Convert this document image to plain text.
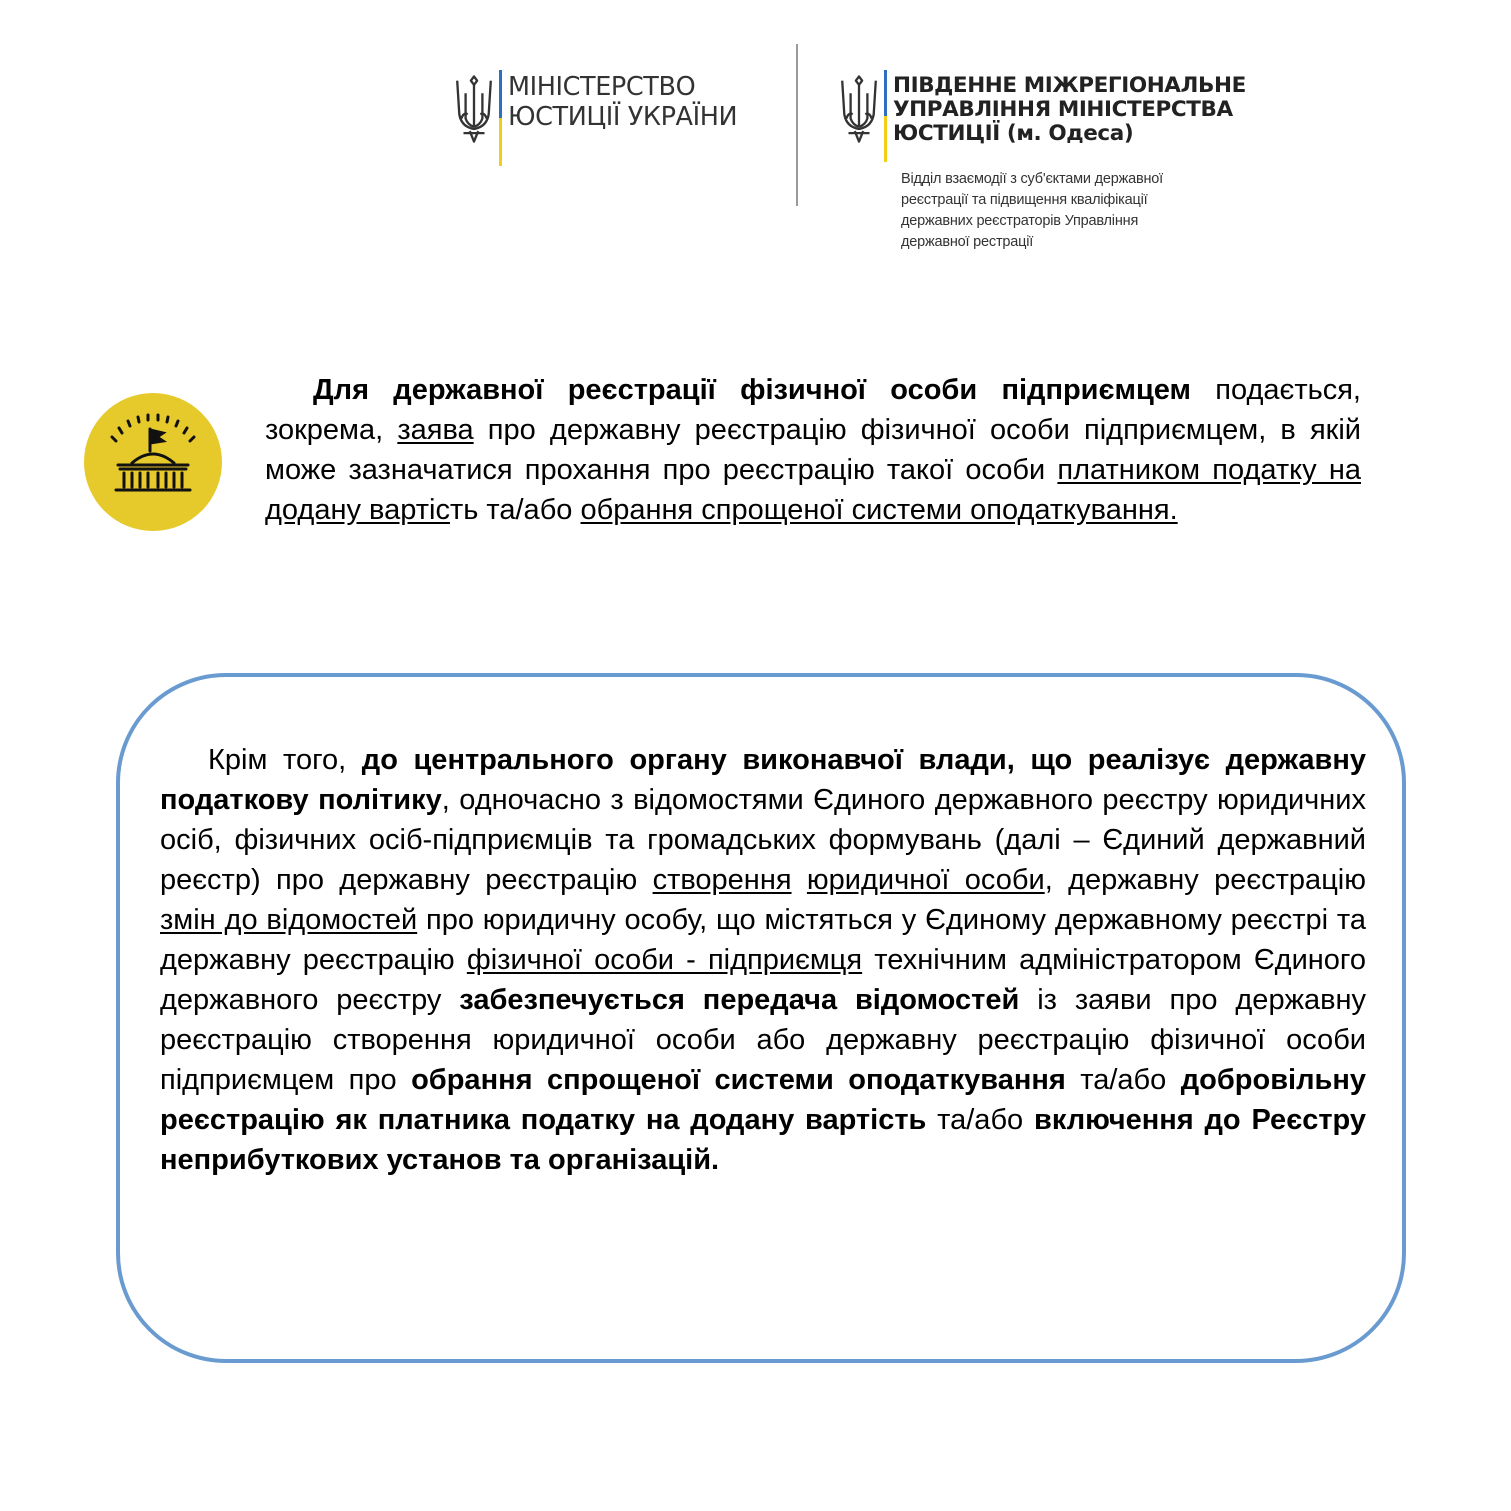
МІНІСТЕРСТВО
ЮСТИЦІЇ УКРАЇНИ
ПІВДЕННЕ МІЖРЕГІОНАЛЬНЕ
УПРАВЛІННЯ МІНІСТЕРСТВА
ЮСТИЦІЇ (м. Одеса)
Відділ взаємодії з суб'єктами державної
реєстрації та підвищення кваліфікації
державних реєстраторів Управління
державної рестрації

Для державної реєстрації фізичної особи підприємцем подається, зокрема, заява про державну реєстрацію фізичної особи підприємцем, в якій може зазначатися прохання про реєстрацію такої особи платником податку на додану вартість та/або обрання спрощеної системи оподаткування.

Крім того, до центрального органу виконавчої влади, що реалізує державну податкову політику, одночасно з відомостями Єдиного державного реєстру юридичних осіб, фізичних осіб-підприємців та громадських формувань (далі – Єдиний державний реєстр) про державну реєстрацію створення юридичної особи, державну реєстрацію змін до відомостей про юридичну особу, що містяться у Єдиному державному реєстрі та державну реєстрацію фізичної особи - підприємця технічним адміністратором Єдиного державного реєстру забезпечується передача відомостей із заяви про державну реєстрацію створення юридичної особи або державну реєстрацію фізичної особи підприємцем про обрання спрощеної системи оподаткування та/або добровільну реєстрацію як платника податку на додану вартість та/або включення до Реєстру неприбуткових установ та організацій.
